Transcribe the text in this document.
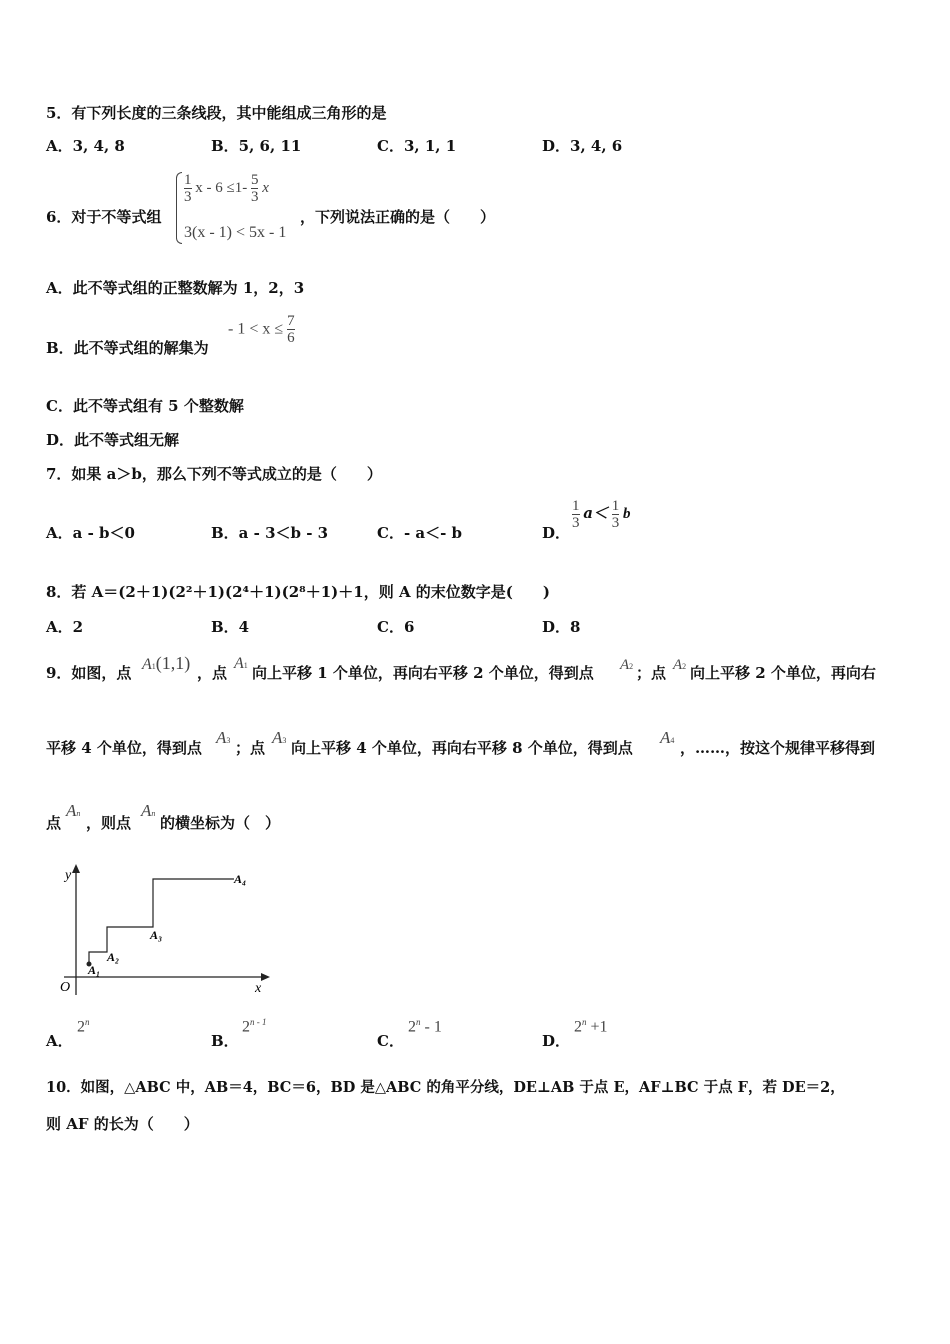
5．有下列长度的三条线段，其中能组成三角形的是
A．3, 4, 8	B．5, 6, 11	C．3, 1, 1	D．3, 4, 6
6．对于不等式组
$\frac{1}{3}$ $x - 6 \le 1- \frac{5}{3}$ x
3(x - 1) < 5x - 1
，下列说法正确的是（　　）
A．此不等式组的正整数解为 1，2，3
B．此不等式组的解集为
- $1 < x \le \frac{7}{6}$
C．此不等式组有 5 个整数解
D．此不等式组无解
7．如果 a＞b，那么下列不等式成立的是（　　）
A．a - b＜0	B．a - 3＜b - 3	C．- a＜- b	D．
$\frac{1}{3} a< \frac{1}{3}$ b
8．若 A＝(2＋1)(2²＋1)(2⁴＋1)(2⁸＋1)＋1，则 A 的末位数字是(　　)
A．2	B．4	C．6	D．8
9．如图，点 A1(1,1) ，点
A1 向上平移 1 个单位，再向右平移 2 个单位，得到点 A2 ；点 A2 向上平移 2 个单位，再向右
平移 4 个单位，得到点
A3 ；点
A3 向上平移 4 个单位，再向右平移 8 个单位，得到点
A4 ，……，按这个规律平移得到
点
An
，则点
An
的横坐标为（　）
y
x
O
A₁
A₂
A₃
A₄
A．
2$^n$
B．
2$^{n - 1}$
C．
2$^n$ - 1
D．
$2^n +1$
10．如图，△ABC 中，AB＝4，BC＝6，BD 是△ABC 的角平分线，DE⊥AB 于点 E，AF⊥BC 于点 F，若 DE＝2，
则 AF 的长为（　　）
